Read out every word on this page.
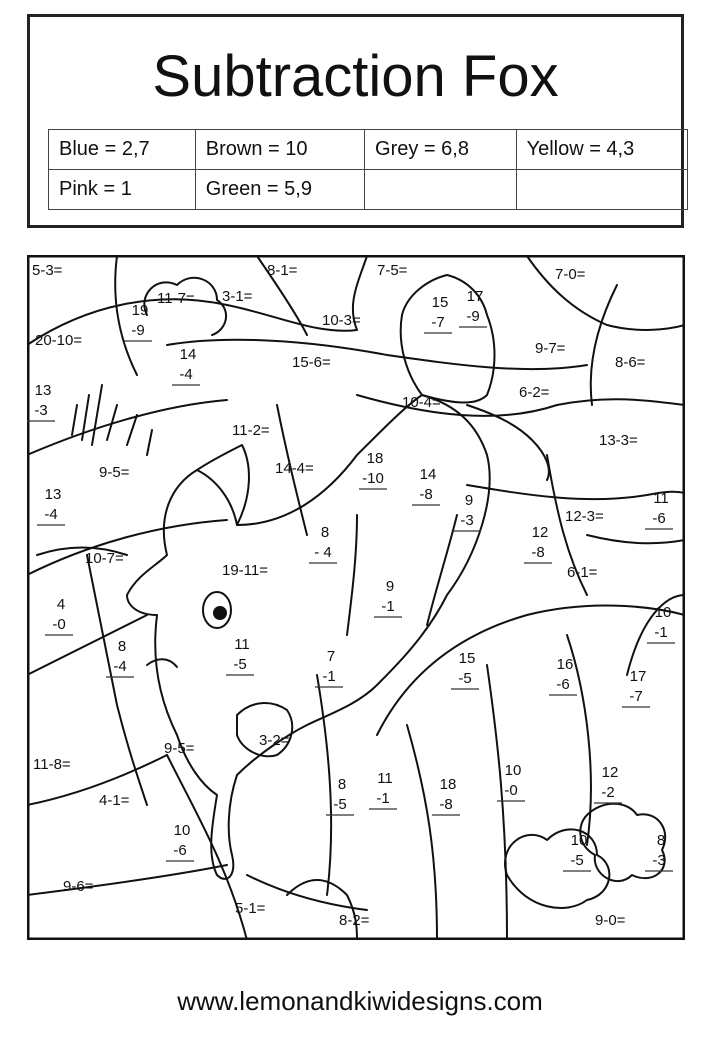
Subtraction Fox
Blue = 2,7	Brown = 10	Grey = 6,8	Yellow = 4,3
Pink = 1	Green = 5,9		
5-3=	8-1=	7-5=	7-0=
11-7= 3-1=	15
-7
17
-9
19
-9
10-3=
20-10=	9-7=
14
-4
15-6=	8-6=
13
-3	10-4=
6-2=
11-2=
13-3=
9-5=	14-4=
18
-10 14
-8
13
-4
9
-3
11
-6
12-3=
12
-8
8
- 4
10-7=
19-11=	6-1=
9
-1
4
-0
10
-1
8
-4
11
-5	7
-1
15
-5
16
-6	17
-7
3-2=
9-5=
11-8=
11
-1
8
-5
18
-8
10
-0
12
-2
4-1=
10
-6
10
-5
8
-3
9-6=
5-1=
8-2=	9-0=
www.lemonandkiwidesigns.com
